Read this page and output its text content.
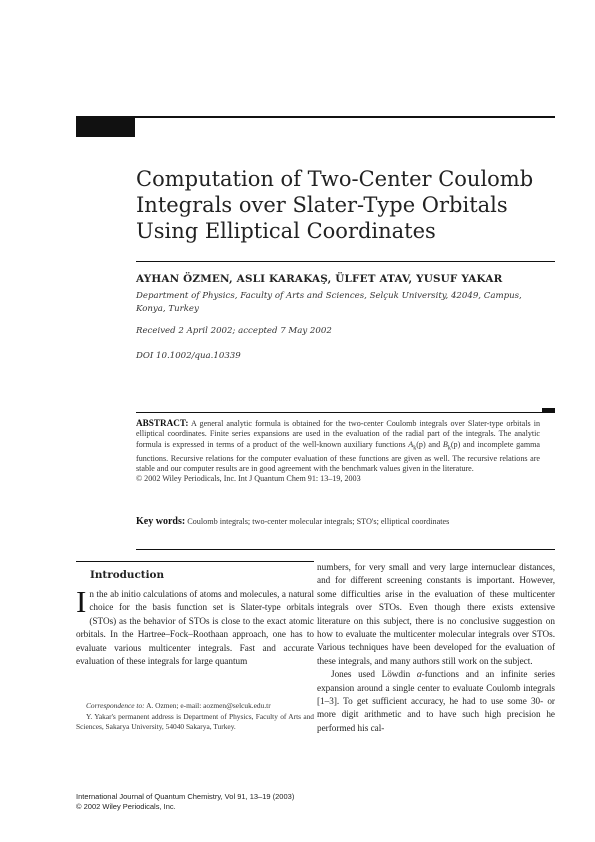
Computation of Two-Center Coulomb
Integrals over Slater-Type Orbitals
Using Elliptical Coordinates
AYHAN ÖZMEN, ASLI KARAKAŞ, ÜLFET ATAV, YUSUF YAKAR
Department of Physics, Faculty of Arts and Sciences, Selçuk University, 42049, Campus,
Konya, Turkey
Received 2 April 2002; accepted 7 May 2002
DOI 10.1002/qua.10339
ABSTRACT: A general analytic formula is obtained for the two-center Coulomb integrals over Slater-type orbitals in elliptical coordinates. Finite series expansions are used in the evaluation of the radial part of the integrals. The analytic formula is expressed in terms of a product of the well-known auxiliary functions $A_k(p)$ and $B_k(p)$ and incomplete gamma functions. Recursive relations for the computer evaluation of these functions are given as well. The recursive relations are stable and our computer results are in good agreement with the benchmark values given in the literature.
© 2002 Wiley Periodicals, Inc. Int J Quantum Chem 91: 13–19, 2003
Key words: Coulomb integrals; two-center molecular integrals; STO's; elliptical coordinates
Introduction

In the ab initio calculations of atoms and molecules, a natural choice for the basis function set is Slater-type orbitals (STOs) as the behavior of STOs is close to the exact atomic orbitals. In the Hartree–Fock–Roothaan approach, one has to evaluate various multicenter integrals. Fast and accurate evaluation of these integrals for large quantum

Correspondence to: A. Ozmen; e-mail: aozmen@selcuk.edu.tr
Y. Yakar's permanent address is Department of Physics, Faculty of Arts and Sciences, Sakarya University, 54040 Sakarya, Turkey.

numbers, for very small and very large internuclear distances, and for different screening constants is important. However, some difficulties arise in the evaluation of these multicenter integrals over STOs. Even though there exists extensive literature on this subject, there is no conclusive suggestion on how to evaluate the multicenter molecular integrals over STOs. Various techniques have been developed for the evaluation of these integrals, and many authors still work on the subject.

Jones used Löwdin α-functions and an infinite series expansion around a single center to evaluate Coulomb integrals [1–3]. To get sufficient accuracy, he had to use some 30- or more digit arithmetic and to have such high precision he performed his cal-

International Journal of Quantum Chemistry, Vol 91, 13–19 (2003)
© 2002 Wiley Periodicals, Inc.
